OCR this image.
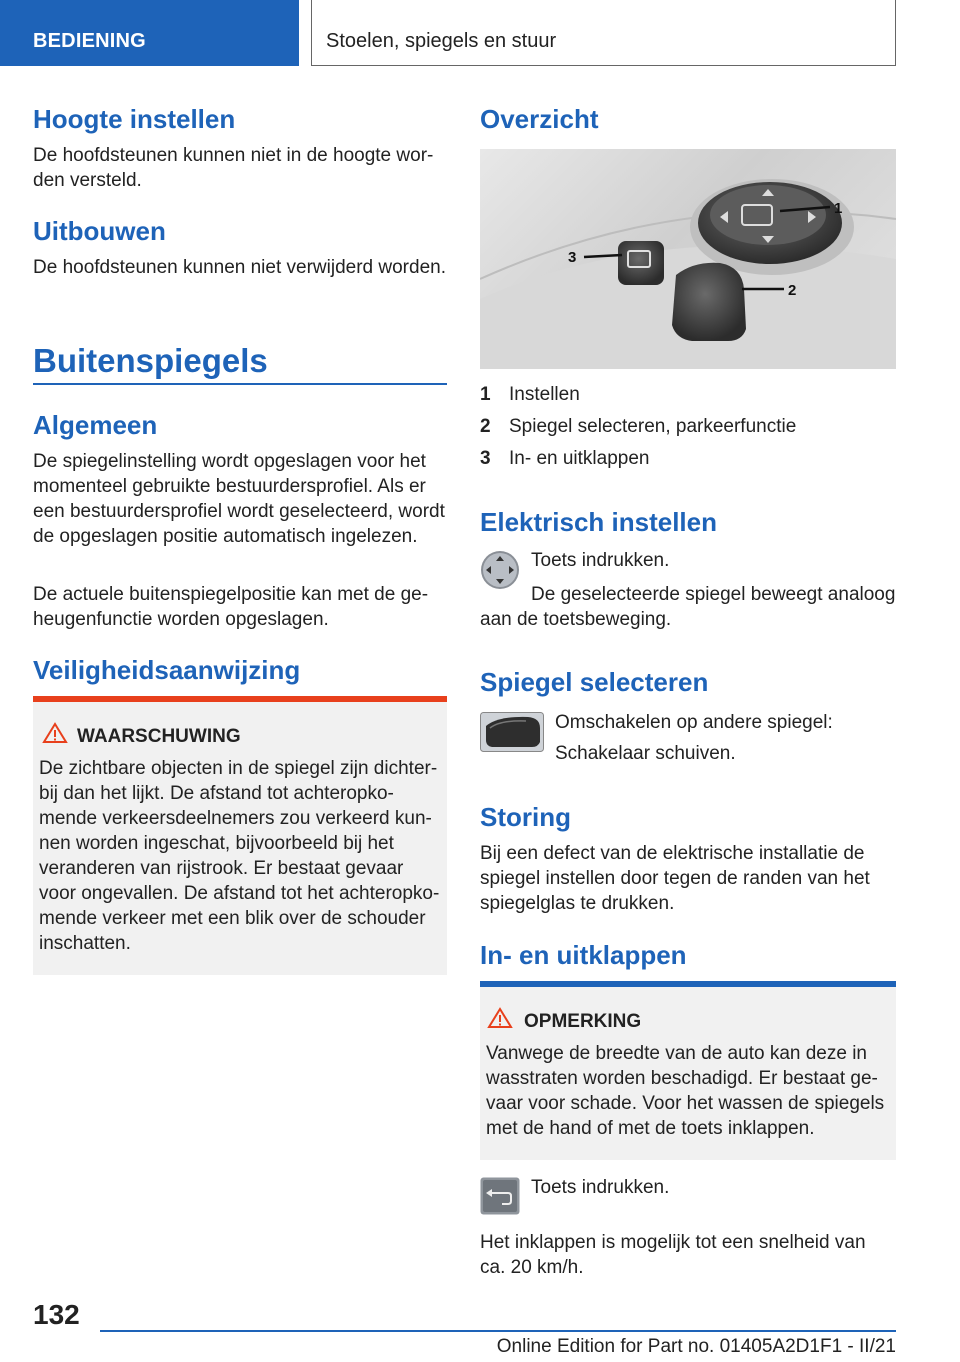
BEDIENING	Stoelen, spiegels en stuur
Hoogte instellen
De hoofdsteunen kunnen niet in de hoogte worden versteld.
Uitbouwen
De hoofdsteunen kunnen niet verwijderd worden.
Buitenspiegels
Algemeen
De spiegelinstelling wordt opgeslagen voor het momenteel gebruikte bestuurdersprofiel. Als er een bestuurdersprofiel wordt geselecteerd, wordt de opgeslagen positie automatisch ingelezen.
De actuele buitenspiegelpositie kan met de geheugenfunctie worden opgeslagen.
Veiligheidsaanwijzing
WAARSCHUWING
De zichtbare objecten in de spiegel zijn dichterbij dan het lijkt. De afstand tot achteropkomende verkeersdeelnemers zou verkeerd kunnen worden ingeschat, bijvoorbeeld bij het veranderen van rijstrook. Er bestaat gevaar voor ongevallen. De afstand tot het achteropkomende verkeer met een blik over de schouder inschatten.
Overzicht
1
2
3
1 Instellen
2 Spiegel selecteren, parkeerfunctie
3 In- en uitklappen
Elektrisch instellen
Toets indrukken.
De geselecteerde spiegel beweegt analoog aan de toetsbeweging.
Spiegel selecteren
Omschakelen op andere spiegel:
Schakelaar schuiven.
Storing
Bij een defect van de elektrische installatie de spiegel instellen door tegen de randen van het spiegelglas te drukken.
In- en uitklappen
OPMERKING
Vanwege de breedte van de auto kan deze in wasstraten worden beschadigd. Er bestaat gevaar voor schade. Voor het wassen de spiegels met de hand of met de toets inklappen.
Toets indrukken.
Het inklappen is mogelijk tot een snelheid van ca. 20 km/h.
132
Online Edition for Part no. 01405A2D1F1 - II/21
